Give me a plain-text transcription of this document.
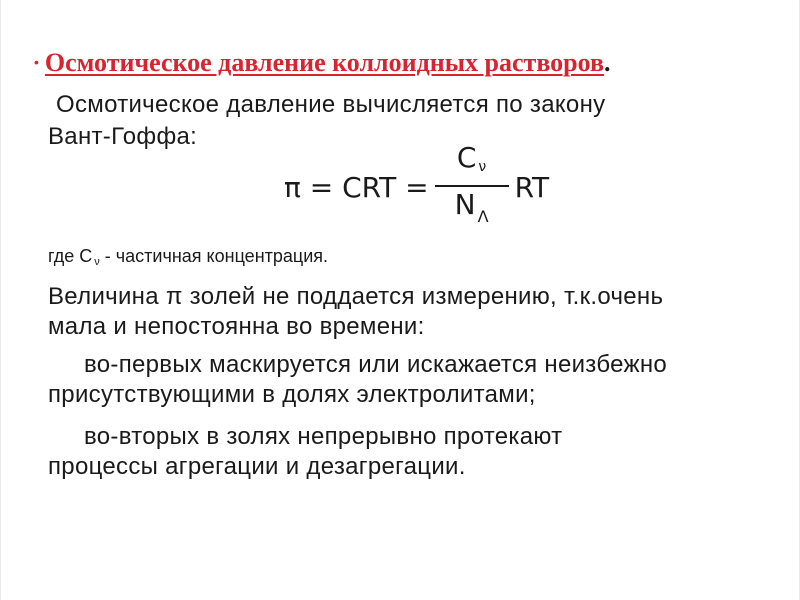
• Осмотическое давление коллоидных растворов .
Осмотическое давление вычисляется по закону
Вант-Гоффа:
π = CRT = $\frac{C _\nu}{N _\Lambda}$ RT
где C $_\nu$ - частичная концентрация.
Величина π золей не поддается измерению, т.к.очень
мала и непостоянна во времени:
во-первых маскируется или искажается неизбежно
присутствующими в долях электролитами;
во-вторых в золях непрерывно протекают
процессы агрегации и дезагрегации.
